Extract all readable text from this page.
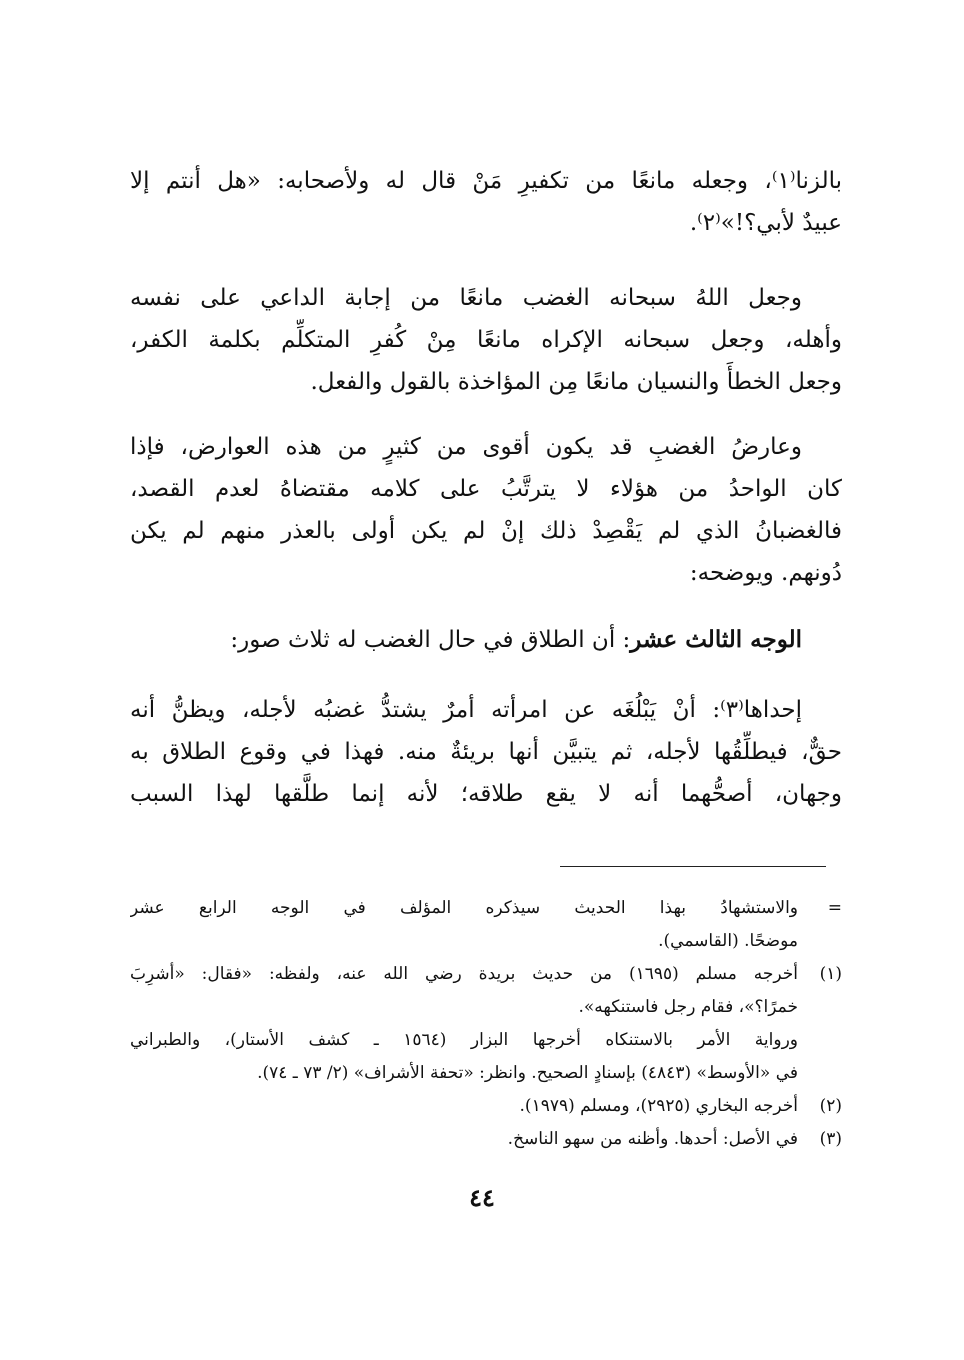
بالزنا⁽١⁾، وجعله مانعًا من تكفيرِ مَنْ قال له ولأصحابه: «هل أنتم إلا
عبيدٌ لأبي؟!»⁽٢⁾.
وجعل اللهُ سبحانه الغضب مانعًا من إجابة الداعي على نفسه
وأهله، وجعل سبحانه الإكراه مانعًا مِنْ كُفرِ المتكلِّم بكلمة الكفر،
وجعل الخطأَ والنسيان مانعًا مِن المؤاخذة بالقول والفعل.
وعارضُ الغضبِ قد يكون أقوى من كثيرٍ من هذه العوارض، فإذا
كان الواحدُ من هؤلاء لا يترتَّبُ على كلامه مقتضاهُ لعدم القصد،
فالغضبانُ الذي لم يَقْصِدْ ذلك إنْ لم يكن أولى بالعذر منهم لم يكن
دُونهم. ويوضحه:
الوجه الثالث عشر: أن الطلاق في حال الغضب له ثلاث صور:
إحداها⁽٣⁾: أنْ يَبْلُغَه عن امرأته أمرٌ يشتدُّ غضبُه لأجله، ويظنُّ أنه
حقٌّ، فيطلِّقُها لأجله، ثم يتبيَّن أنها بريئةٌ منه. فهذا في وقوع الطلاق به
وجهان، أصحُّهما أنه لا يقع طلاقه؛ لأنه إنما طلَّقها لهذا السبب
=
والاستشهادُ بهذا الحديث سيذكره المؤلف في الوجه الرابع عشر
موضحًا. (القاسمي).
(١)
أخرجه مسلم (١٦٩٥) من حديث بريدة رضي الله عنه، ولفظه: «فقال: «أشرِبَ
خمرًا؟»، فقام رجل فاستنكهه».
ورواية الأمر بالاستنكاه أخرجها البزار (١٥٦٤ ـ كشف الأستار)، والطبراني
في «الأوسط» (٤٨٤٣) بإسنادٍ الصحيح. وانظر: «تحفة الأشراف» (٢/ ٧٣ ـ ٧٤).
(٢)
أخرجه البخاري (٢٩٢٥)، ومسلم (١٩٧٩).
(٣)
في الأصل: أحدها. وأظنه من سهو الناسخ.
٤٤
